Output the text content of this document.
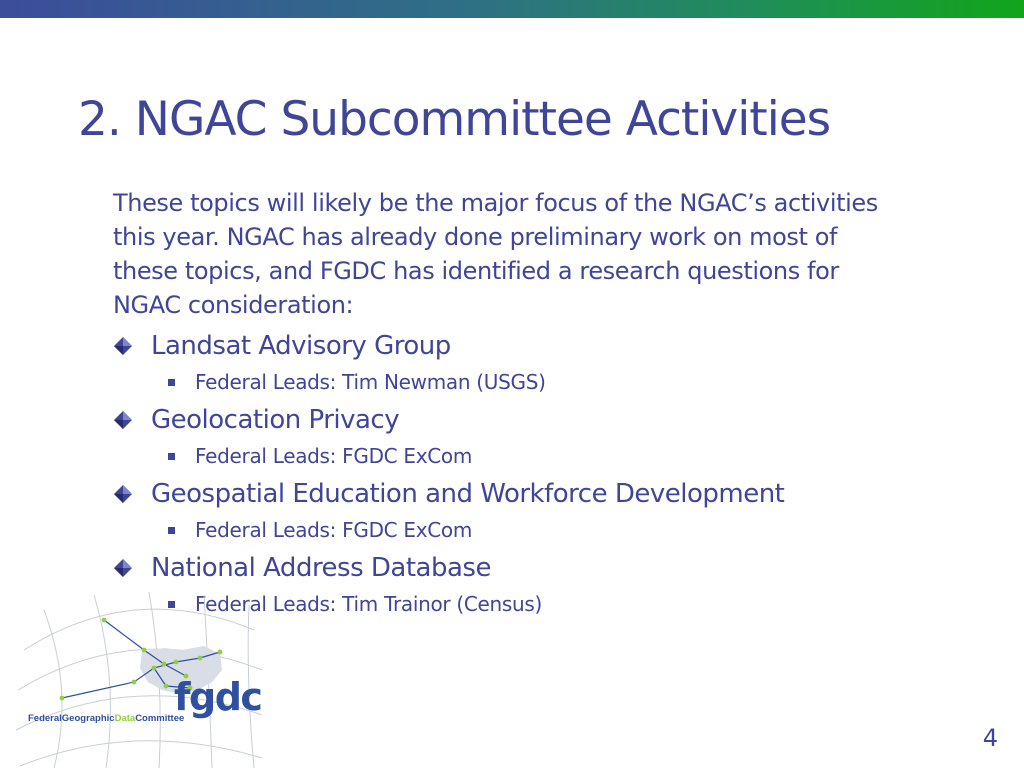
2. NGAC Subcommittee Activities

These topics will likely be the major focus of the NGAC’s activities

this year. NGAC has already done preliminary work on most of

these topics, and FGDC has identified a research questions for

NGAC consideration:

Landsat Advisory Group
Federal Leads: Tim Newman (USGS)
Geolocation Privacy
Federal Leads: FGDC ExCom
Geospatial Education and Workforce Development
Federal Leads: FGDC ExCom
National Address Database
Federal Leads: Tim Trainor (Census)
fgdc
FederalGeographicDataCommittee
4
